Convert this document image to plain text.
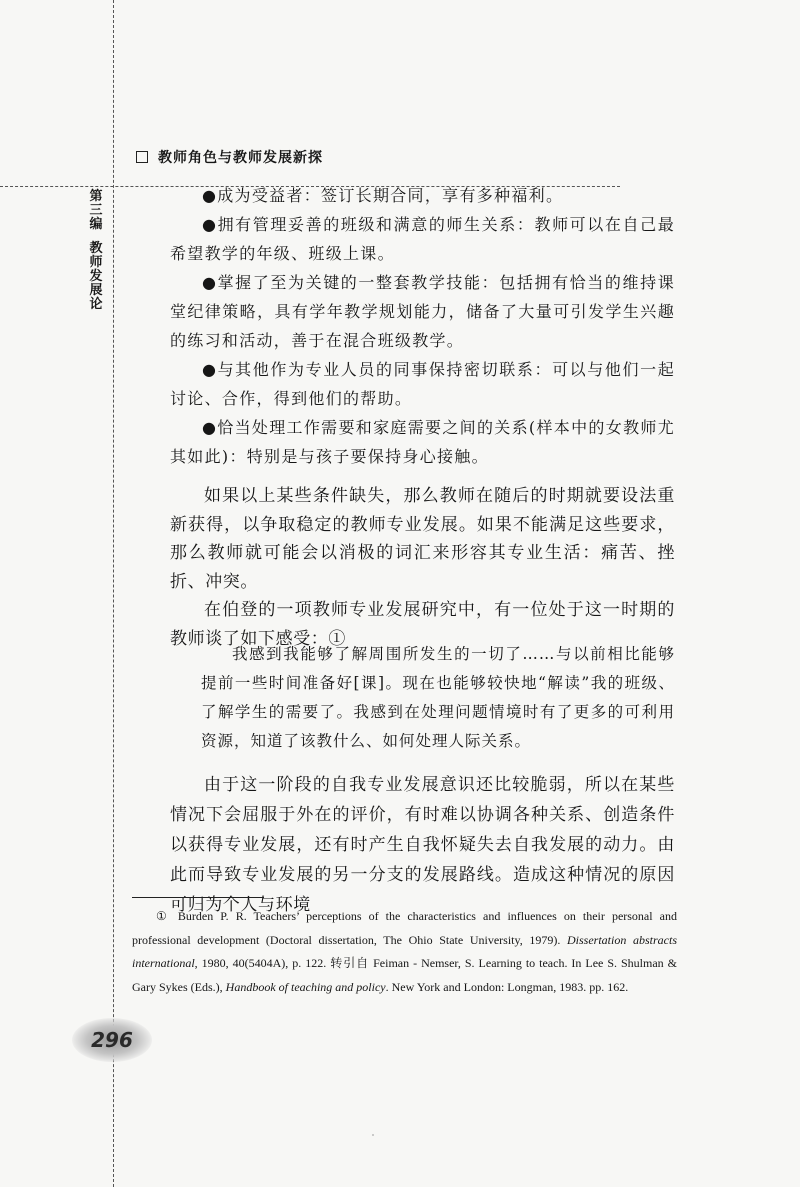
教师角色与教师发展新探
第三编
教师发展论

●成为受益者：签订长期合同，享有多种福利。

●拥有管理妥善的班级和满意的师生关系：教师可以在自己最希望教学的年级、班级上课。

●掌握了至为关键的一整套教学技能：包括拥有恰当的维持课堂纪律策略，具有学年教学规划能力，储备了大量可引发学生兴趣的练习和活动，善于在混合班级教学。

●与其他作为专业人员的同事保持密切联系：可以与他们一起讨论、合作，得到他们的帮助。

●恰当处理工作需要和家庭需要之间的关系(样本中的女教师尤其如此)：特别是与孩子要保持身心接触。

如果以上某些条件缺失，那么教师在随后的时期就要设法重新获得，以争取稳定的教师专业发展。如果不能满足这些要求，那么教师就可能会以消极的词汇来形容其专业生活：痛苦、挫折、冲突。

在伯登的一项教师专业发展研究中，有一位处于这一时期的教师谈了如下感受：①

我感到我能够了解周围所发生的一切了……与以前相比能够提前一些时间准备好[课]。现在也能够较快地“解读”我的班级、了解学生的需要了。我感到在处理问题情境时有了更多的可利用资源，知道了该教什么、如何处理人际关系。

由于这一阶段的自我专业发展意识还比较脆弱，所以在某些情况下会屈服于外在的评价，有时难以协调各种关系、创造条件以获得专业发展，还有时产生自我怀疑失去自我发展的动力。由此而导致专业发展的另一分支的发展路线。造成这种情况的原因可归为个人与环境

① Burden P. R. Teachers’ perceptions of the characteristics and influences on their personal and professional development (Doctoral dissertation, The Ohio State University, 1979). Dissertation abstracts international, 1980, 40(5404A), p. 122. 转引自 Feiman - Nemser, S. Learning to teach. In Lee S. Shulman & Gary Sykes (Eds.), Handbook of teaching and policy. New York and London: Longman, 1983. pp. 162.

296
